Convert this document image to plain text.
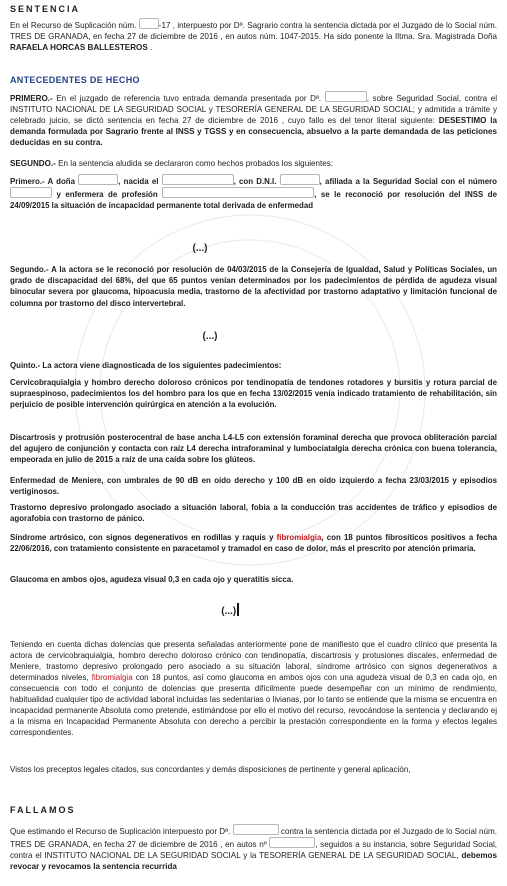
SENTENCIA
En el Recurso de Suplicación núm.	-17 , interpuesto por Dª. Sagrario contra la sentencia dictada por el Juzgado de lo Social núm. TRES DE GRANADA, en fecha 27 de diciembre de 2016 , en autos núm. 1047-2015. Ha sido ponente la Iltma. Sra. Magistrada Doña RAFAELA HORCAS BALLESTEROS .
ANTECEDENTES DE HECHO
PRIMERO.- En el juzgado de referencia tuvo entrada demanda presentada por Dª.	, sobre Seguridad Social, contra el INSTITUTO NACIONAL DE LA SEGURIDAD SOCIAL y TESORERÍA GENERAL DE LA SEGURIDAD SOCIAL; y admitida a trámite y celebrado juicio, se dictó sentencia en fecha 27 de diciembre de 2016 , cuyo fallo es del tenor literal siguiente: DESESTIMO la demanda formulada por Sagrario frente al INSS y TGSS y en consecuencia, absuelvo a la parte demandada de las peticiones deducidas en su contra.
SEGUNDO.- En la sentencia aludida se declararon como hechos probados los siguientes:
Primero.- A doña	, nacida el	, con D.N.I.	, afiliada a la Seguridad Social con el número  y enfermera de profesión	, se le reconoció por resolución del INSS de 24/09/2015 la situación de incapacidad permanente total derivada de enfermedad
(...)
Segundo.- A la actora se le reconoció por resolución de 04/03/2015 de la Consejería de Igualdad, Salud y Políticas Sociales, un grado de discapacidad del 68%, del que 65 puntos venían determinados por los padecimientos de pérdida de agudeza visual binocular severa por glaucoma, hipoacusia media, trastorno de la afectividad por trastorno adaptativo y limitación funcional de columna por trastorno del disco intervertebral.
(...)
Quinto.- La actora viene diagnosticada de los siguientes padecimientos:
Cervicobraquialgia y hombro derecho doloroso crónicos por tendinopatía de tendones rotadores y bursitis y rotura parcial de supraespinoso, padecimientos los del hombro para los que en fecha 13/02/2015 venía indicado tratamiento de rehabilitación, sin perjuicio de posible intervención quirúrgica en atención a la evolución.
Discartrosis y protrusión posterocentral de base ancha L4-L5 con extensión foraminal derecha que provoca obliteración parcial del agujero de conjunción y contacta con raíz L4 derecha intraforaminal y lumbociatalgia derecha crónica con buena tolerancia, empeorada en julio de 2015 a raíz de una caída sobre los glúteos.
Enfermedad de Meniere, con umbrales de 90 dB en oído derecho y 100 dB en oído izquierdo a fecha 23/03/2015 y episodios vertiginosos.
Trastorno depresivo prolongado asociado a situación laboral, fobia a la conducción tras accidentes de tráfico y episodios de agorafobia con trastorno de pánico.
Síndrome artrósico, con signos degenerativos en rodillas y raquis y fibromialgia, con 18 puntos fibrosíticos positivos a fecha 22/06/2016, con tratamiento consistente en paracetamol y tramadol en caso de dolor, más el prescrito por atención primaria.
Glaucoma en ambos ojos, agudeza visual 0,3 en cada ojo y queratitis sicca.
(...)
Teniendo en cuenta dichas dolencias que presenta señaladas anteriormente pone de manifiesto que el cuadro clínico que presenta la actora de cervicobraquialgia, hombro derecho doloroso crónico con tendinopatía, discartrosis y protusiones discales, enfermedad de Meniere, trastorno depresivo prolongado pero asociado a su situación laboral, síndrome artrósico con signos degenerativos a determinados niveles, fibromialgia con 18 puntos, así como glaucoma en ambos ojos con una agudeza visual de 0,3 en cada ojo, en consecuencia con todo el conjunto de dolencias que presenta difícilmente puede desempeñar con un mínimo de rendimiento, habitualidad cualquier tipo de actividad laboral incluidas las sedentarias o livianas, por lo tanto se entiende que la misma se encuentra en incapacidad permanente Absoluta como pretende, estimándose por ello el motivo del recurso, revocándose la sentencia y declarando ej a la misma en Incapacidad Permanente Absoluta con derecho a percibir la prestación correspondiente en la forma y efectos legales correspondientes.
Vistos los preceptos legales citados, sus concordantes y demás disposiciones de pertinente y general aplicación,
FALLAMOS
Que estimando el Recurso de Suplicación interpuesto por Dª.	contra la sentencia dictada por el Juzgado de lo Social núm. TRES DE GRANADA, en fecha 27 de diciembre de 2016 , en autos nº	, seguidos a su instancia, sobre Seguridad Social, contra el INSTITUTO NACIONAL DE LA SEGURIDAD SOCIAL y la TESORERÍA GENERAL DE LA SEGURIDAD SOCIAL, debemos revocar y revocamos la sentencia recurrida
